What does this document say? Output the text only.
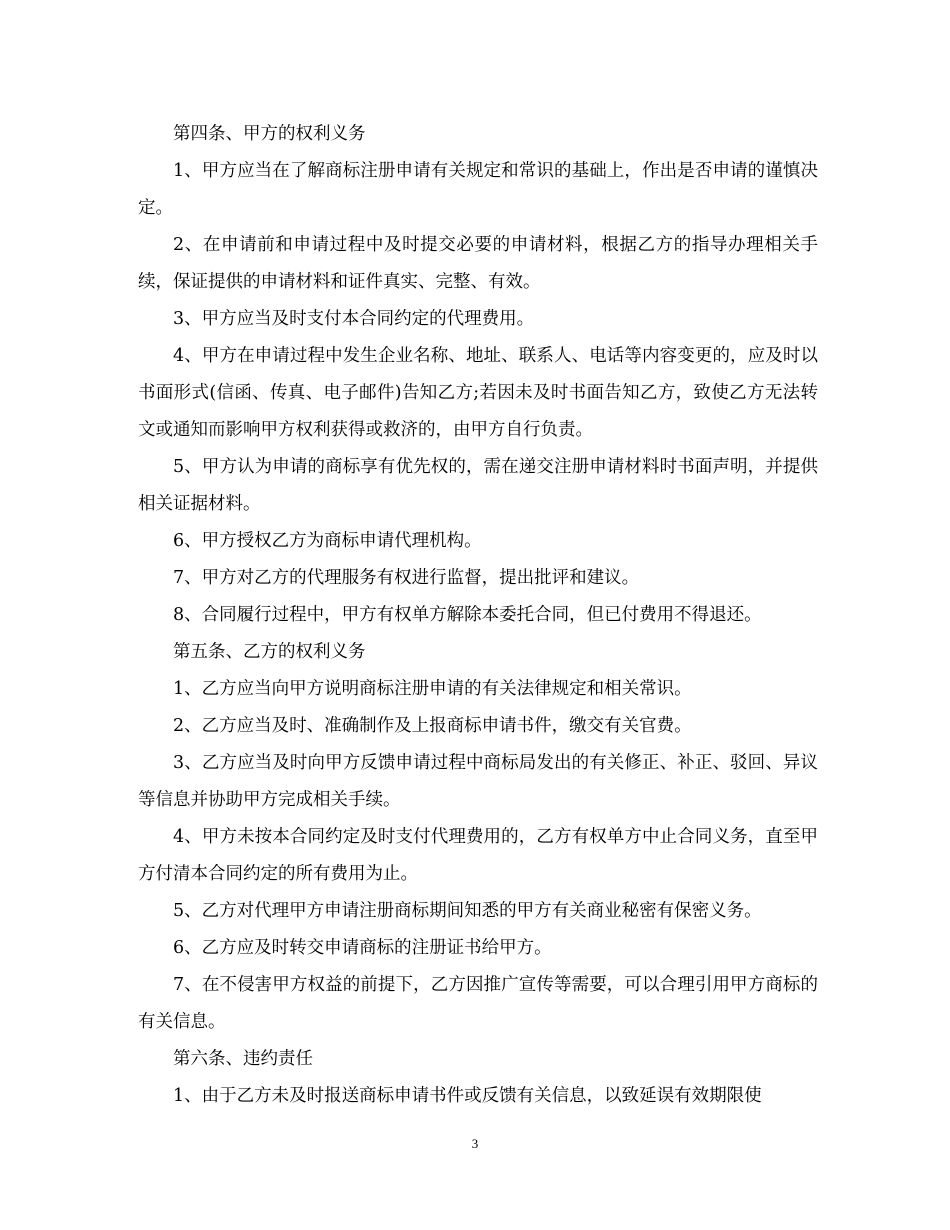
第四条、甲方的权利义务

1、甲方应当在了解商标注册申请有关规定和常识的基础上，作出是否申请的谨慎决定。

2、在申请前和申请过程中及时提交必要的申请材料，根据乙方的指导办理相关手续，保证提供的申请材料和证件真实、完整、有效。

3、甲方应当及时支付本合同约定的代理费用。

4、甲方在申请过程中发生企业名称、地址、联系人、电话等内容变更的，应及时以书面形式(信函、传真、电子邮件)告知乙方;若因未及时书面告知乙方，致使乙方无法转文或通知而影响甲方权利获得或救济的，由甲方自行负责。

5、甲方认为申请的商标享有优先权的，需在递交注册申请材料时书面声明，并提供相关证据材料。

6、甲方授权乙方为商标申请代理机构。

7、甲方对乙方的代理服务有权进行监督，提出批评和建议。

8、合同履行过程中，甲方有权单方解除本委托合同，但已付费用不得退还。

第五条、乙方的权利义务

1、乙方应当向甲方说明商标注册申请的有关法律规定和相关常识。

2、乙方应当及时、准确制作及上报商标申请书件，缴交有关官费。

3、乙方应当及时向甲方反馈申请过程中商标局发出的有关修正、补正、驳回、异议等信息并协助甲方完成相关手续。

4、甲方未按本合同约定及时支付代理费用的，乙方有权单方中止合同义务，直至甲方付清本合同约定的所有费用为止。

5、乙方对代理甲方申请注册商标期间知悉的甲方有关商业秘密有保密义务。

6、乙方应及时转交申请商标的注册证书给甲方。

7、在不侵害甲方权益的前提下，乙方因推广宣传等需要，可以合理引用甲方商标的有关信息。

第六条、违约责任

1、由于乙方未及时报送商标申请书件或反馈有关信息，以致延误有效期限使

3
